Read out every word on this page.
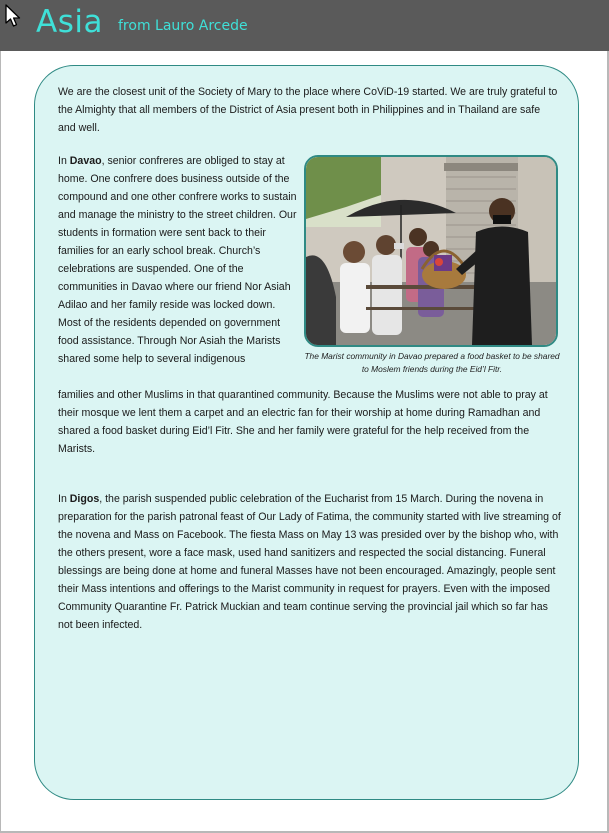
Asia from Lauro Arcede

We are the closest unit of the Society of Mary to the place where CoViD-19 started. We are truly grateful to the Almighty that all members of the District of Asia present both in Philippines and in Thailand are safe and well.

In Davao, senior confreres are obliged to stay at home. One confrere does business outside of the compound and one other confrere works to sustain and manage the ministry to the street children. Our students in formation were sent back to their families for an early school break. Church’s celebrations are suspended. One of the communities in Davao where our friend Nor Asiah Adilao and her family reside was locked down. Most of the residents depended on government food assistance. Through Nor Asiah the Marists shared some help to several indigenous

families and other Muslims in that quarantined community. Because the Muslims were not able to pray at their mosque we lent them a carpet and an electric fan for their worship at home during Ramadhan and shared a food basket during Eid’l Fitr. She and her family were grateful for the help received from the Marists.

The Marist community in Davao prepared a food basket to be shared to Moslem friends during the Eid’l Fitr.

In Digos, the parish suspended public celebration of the Eucharist from 15 March. During the novena in preparation for the parish patronal feast of Our Lady of Fatima, the community started with live streaming of the novena and Mass on Facebook. The fiesta Mass on May 13 was presided over by the bishop who, with the others present, wore a face mask, used hand sanitizers and respected the social distancing. Funeral blessings are being done at home and funeral Masses have not been encouraged. Amazingly, people sent their Mass intentions and offerings to the Marist community in request for prayers. Even with the imposed Community Quarantine Fr. Patrick Muckian and team continue serving the provincial jail which so far has not been infected.
